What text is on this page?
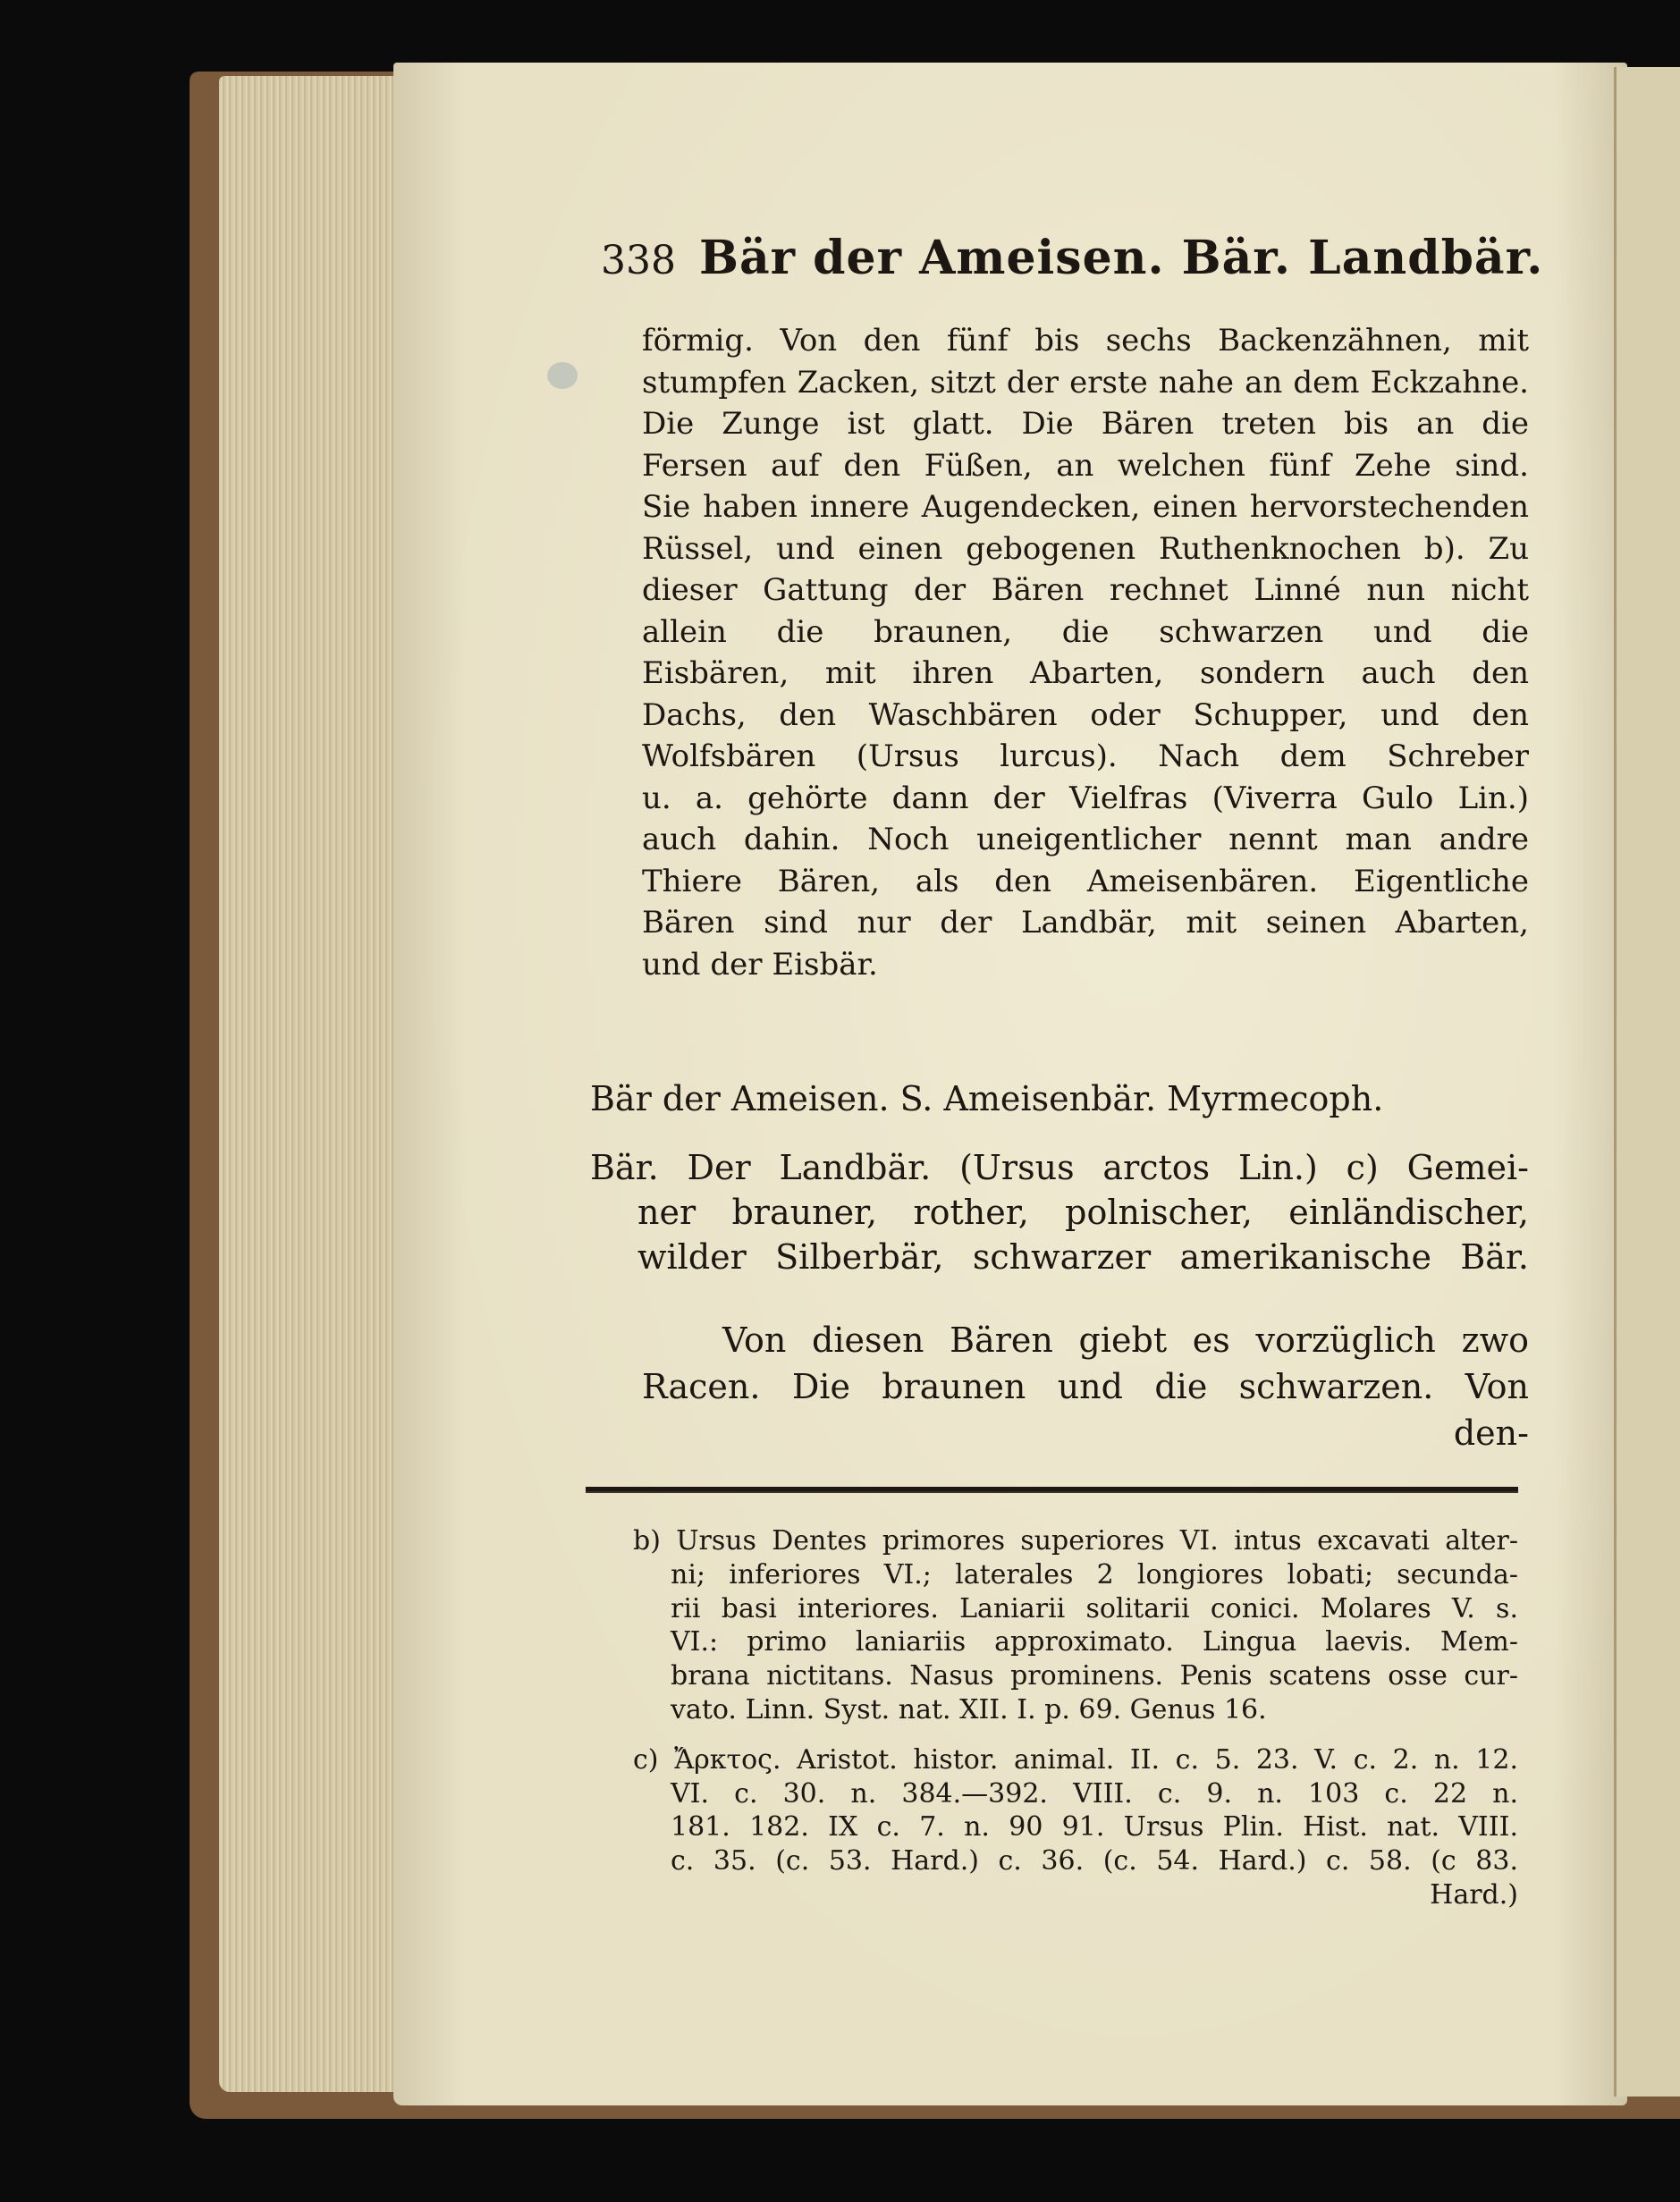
338 Bär der Ameisen. Bär. Landbär.
förmig. Von den fünf bis sechs Backenzähnen, mit
stumpfen Zacken, sitzt der erste nahe an dem Eckzahne.
Die Zunge ist glatt. Die Bären treten bis an die
Fersen auf den Füßen, an welchen fünf Zehe sind.
Sie haben innere Augendecken, einen hervorstechenden
Rüssel, und einen gebogenen Ruthenknochen b). Zu
dieser Gattung der Bären rechnet Linné nun nicht
allein die braunen, die schwarzen und die
Eisbären, mit ihren Abarten, sondern auch den
Dachs, den Waschbären oder Schupper, und den
Wolfsbären (Ursus lurcus). Nach dem Schreber
u. a. gehörte dann der Vielfras (Viverra Gulo Lin.)
auch dahin. Noch uneigentlicher nennt man andre
Thiere Bären, als den Ameisenbären. Eigentliche
Bären sind nur der Landbär, mit seinen Abarten,
und der Eisbär.
Bär der Ameisen. S. Ameisenbär. Myrmecoph.
Bär. Der Landbär. (Ursus arctos Lin.) c) Gemei-
ner brauner, rother, polnischer, einländischer,
wilder Silberbär, schwarzer amerikanische Bär.
Von diesen Bären giebt es vorzüglich zwo
Racen. Die braunen und die schwarzen. Von
den-
b) Ursus Dentes primores superiores VI. intus excavati alter-
ni; inferiores VI.; laterales 2 longiores lobati; secunda-
rii basi interiores. Laniarii solitarii conici. Molares V. s.
VI.: primo laniariis approximato. Lingua laevis. Mem-
brana nictitans. Nasus prominens. Penis scatens osse cur-
vato. Linn. Syst. nat. XII. I. p. 69. Genus 16.
c) Ἄρκτος. Aristot. histor. animal. II. c. 5. 23. V. c. 2. n. 12.
VI. c. 30. n. 384.—392. VIII. c. 9. n. 103 c. 22 n.
181. 182. IX c. 7. n. 90 91. Ursus Plin. Hist. nat. VIII.
c. 35. (c. 53. Hard.) c. 36. (c. 54. Hard.) c. 58. (c 83.
Hard.)
